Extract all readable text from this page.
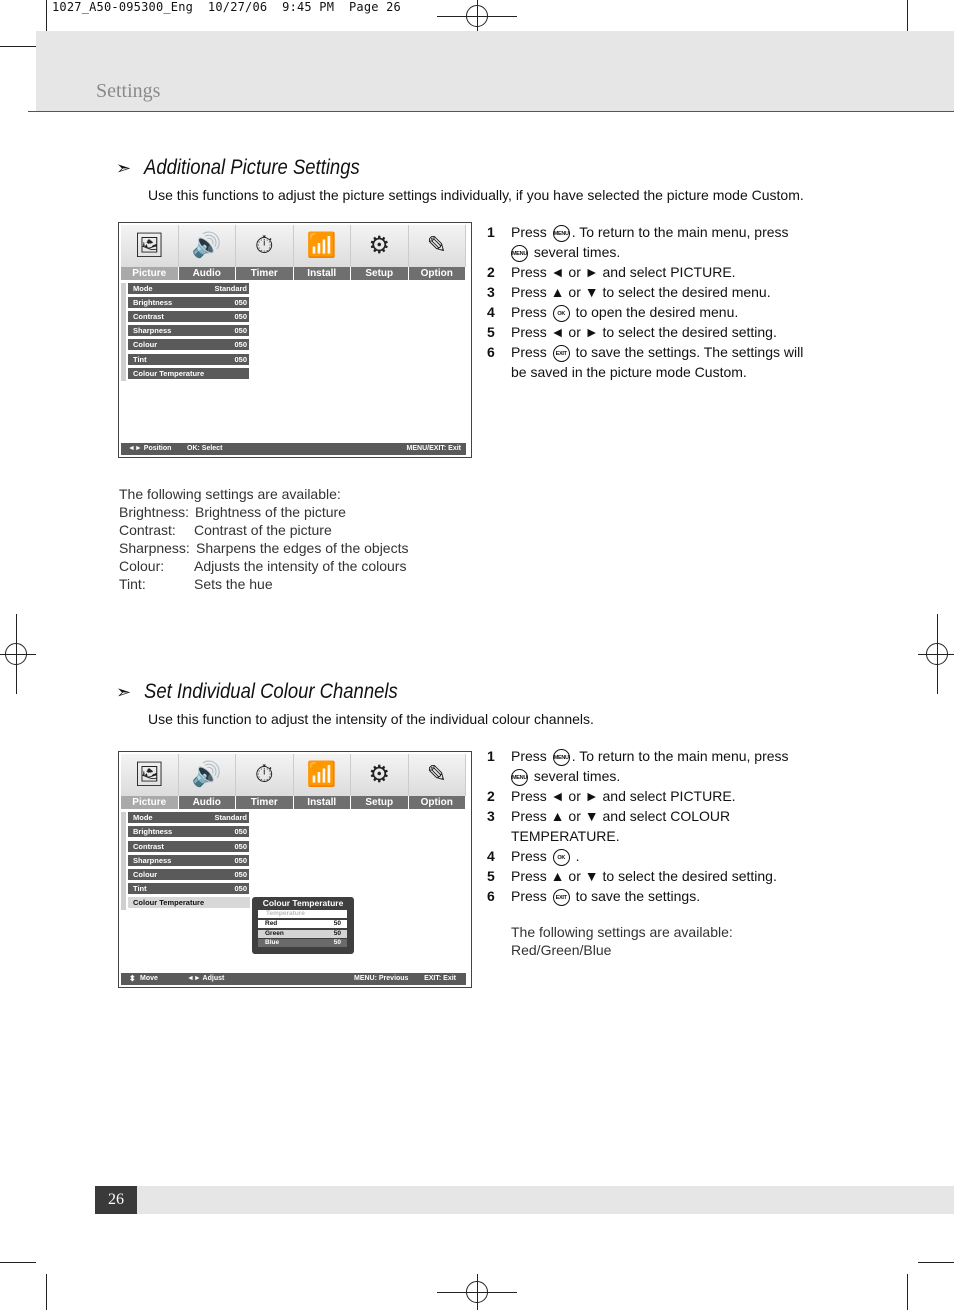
1027_A50-095300_Eng  10/27/06  9:45 PM  Page 26
Settings
➣ Additional Picture Settings
Use this functions to adjust the picture settings individually, if you have selected the picture mode Custom.
🖼 🔊 ⏱ 📶 ⚙ ✎
Picture	Audio	Timer	Install	Setup	Option
Mode	Standard
Brightness	050
Contrast	050
Sharpness	050
Colour	050
Tint	050
Colour Temperature
◄► Position OK: Select	MENU/EXIT: Exit
1 Press MENU . To return to the main menu, press
MENU several times.
2 Press ◄ or ► and select PICTURE.
3 Press ▲ or ▼ to select the desired menu.
4 Press OK to open the desired menu.
5 Press ◄ or ► to select the desired setting.
6 Press EXIT to save the settings. The settings will
be saved in the picture mode Custom.
The following settings are available:
Brightness: Brightness of the picture
Contrast: Contrast of the picture
Sharpness: Sharpens the edges of the objects
Colour: Adjusts the intensity of the colours
Tint:	Sets the hue
➣ Set Individual Colour Channels
Use this function to adjust the intensity of the individual colour channels.
🖼 🔊 ⏱ 📶 ⚙ ✎
Picture	Audio	Timer	Install	Setup	Option
Mode	Standard
Brightness	050
Contrast	050
Sharpness	050
Colour	050
Tint	050
Colour Temperature	Colour Temperature
Temperature
Red	50
Green	50
Blue	50
⬍ Move	◄► Adjust	MENU: Previous EXIT: Exit
1 Press MENU . To return to the main menu, press
MENU several times.
2 Press ◄ or ► and select PICTURE.
3 Press ▲ or ▼ and select COLOUR
TEMPERATURE.
4 Press OK .
5 Press ▲ or ▼ to select the desired setting.
6 Press EXIT to save the settings.
The following settings are available:
Red/Green/Blue
26
